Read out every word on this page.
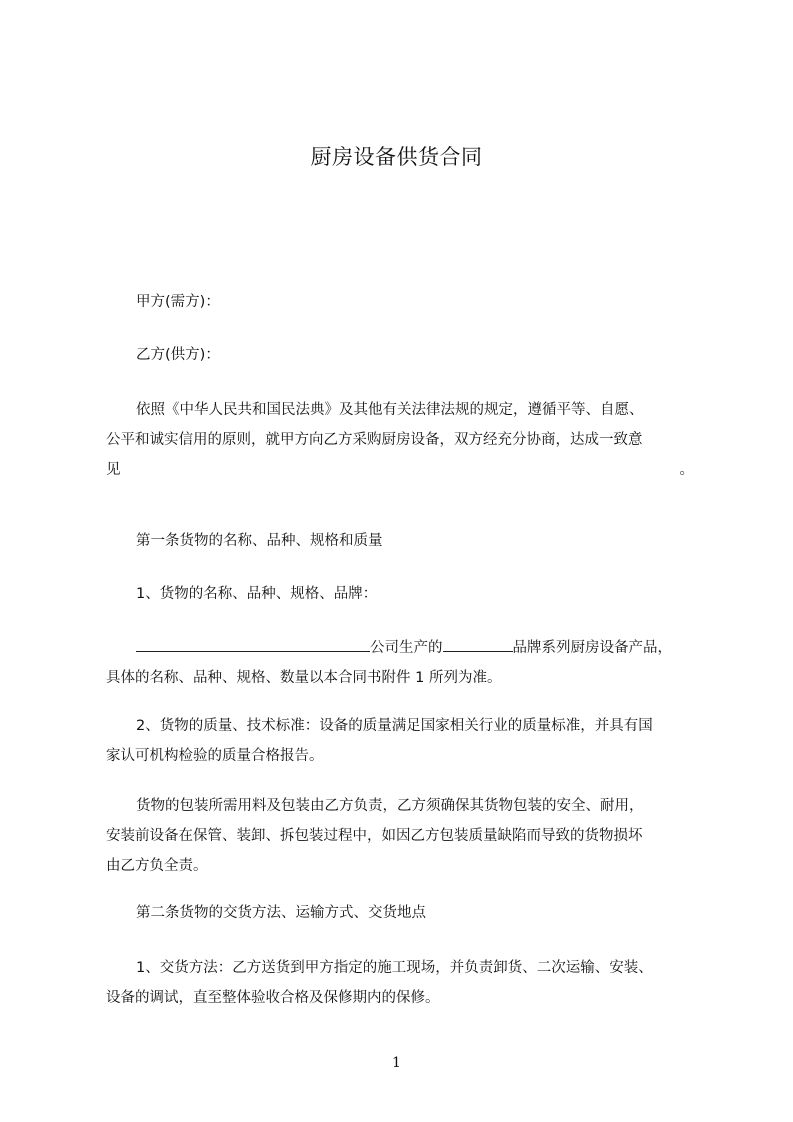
厨房设备供货合同
甲方(需方)：
乙方(供方)：
依照《中华人民共和国民法典》及其他有关法律法规的规定，遵循平等、自愿、
公平和诚实信用的原则，就甲方向乙方采购厨房设备，双方经充分协商，达成一致意
见	。
第一条货物的名称、品种、规格和质量
1、货物的名称、品种、规格、品牌：
公司生产的	品牌系列厨房设备产品，
具体的名称、品种、规格、数量以本合同书附件 1 所列为准。
2、货物的质量、技术标准：设备的质量满足国家相关行业的质量标准，并具有国
家认可机构检验的质量合格报告。
货物的包装所需用料及包装由乙方负责，乙方须确保其货物包装的安全、耐用，
安装前设备在保管、装卸、拆包装过程中，如因乙方包装质量缺陷而导致的货物损坏
由乙方负全责。
第二条货物的交货方法、运输方式、交货地点
1、交货方法：乙方送货到甲方指定的施工现场，并负责卸货、二次运输、安装、
设备的调试，直至整体验收合格及保修期内的保修。
1
